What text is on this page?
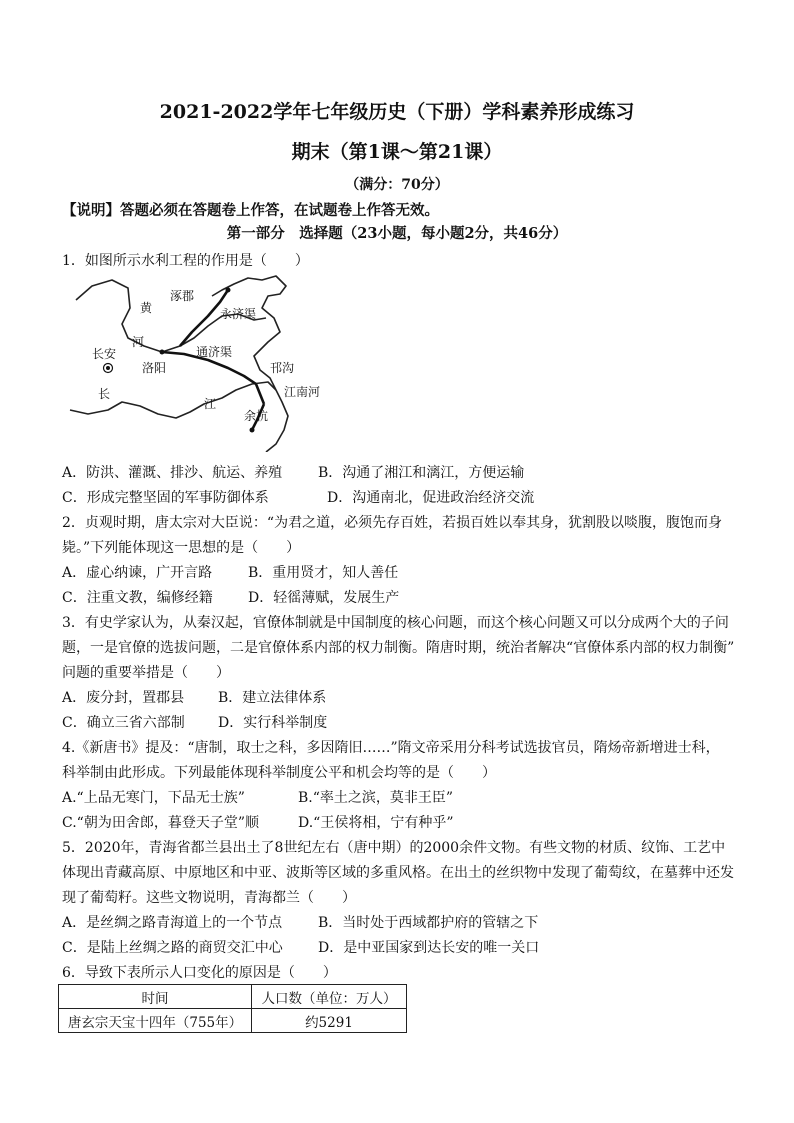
2021-2022学年七年级历史（下册）学科素养形成练习
期末（第1课～第21课）
（满分：70分）
【说明】答题必须在答题卷上作答，在试题卷上作答无效。
第一部分　选择题（23小题，每小题2分，共46分）
1．如图所示水利工程的作用是（　　）
涿郡
黄	永济渠
长安
河
通济渠
洛阳	邗沟
长
江
江南河
余杭
A．防洪、灌溉、排沙、航运、养殖	B．沟通了湘江和漓江，方便运输
C．形成完整坚固的军事防御体系	D．沟通南北，促进政治经济交流
2．贞观时期，唐太宗对大臣说：“为君之道，必须先存百姓，若损百姓以奉其身，犹割股以啖腹，腹饱而身
毙。”下列能体现这一思想的是（　　）
A．虚心纳谏，广开言路	B．重用贤才，知人善任
C．注重文教，编修经籍	D．轻徭薄赋，发展生产
3．有史学家认为，从秦汉起，官僚体制就是中国制度的核心问题，而这个核心问题又可以分成两个大的子问
题，一是官僚的选拔问题，二是官僚体系内部的权力制衡。隋唐时期，统治者解决“官僚体系内部的权力制衡”
问题的重要举措是（　　）
A．废分封，置郡县 B．建立法律体系
C．确立三省六部制 D．实行科举制度
4.《新唐书》提及：“唐制，取士之科，多因隋旧……”隋文帝采用分科考试选拔官员，隋炀帝新增进士科，
科举制由此形成。下列最能体现科举制度公平和机会均等的是（　　）
A.“上品无寒门，下品无士族”	B.“率土之滨，莫非王臣”
C.“朝为田舍郎，暮登天子堂”顺	D.“王侯将相，宁有种乎”
5．2020年，青海省都兰县出土了8世纪左右（唐中期）的2000余件文物。有些文物的材质、纹饰、工艺中
体现出青藏高原、中原地区和中亚、波斯等区域的多重风格。在出土的丝织物中发现了葡萄纹，在墓葬中还发
现了葡萄籽。这些文物说明，青海都兰（　　）
A．是丝绸之路青海道上的一个节点	B．当时处于西域都护府的管辖之下
C．是陆上丝绸之路的商贸交汇中心	D．是中亚国家到达长安的唯一关口
6．导致下表所示人口变化的原因是（　　）
时间	人口数（单位：万人）
唐玄宗天宝十四年（755年）	约5291
